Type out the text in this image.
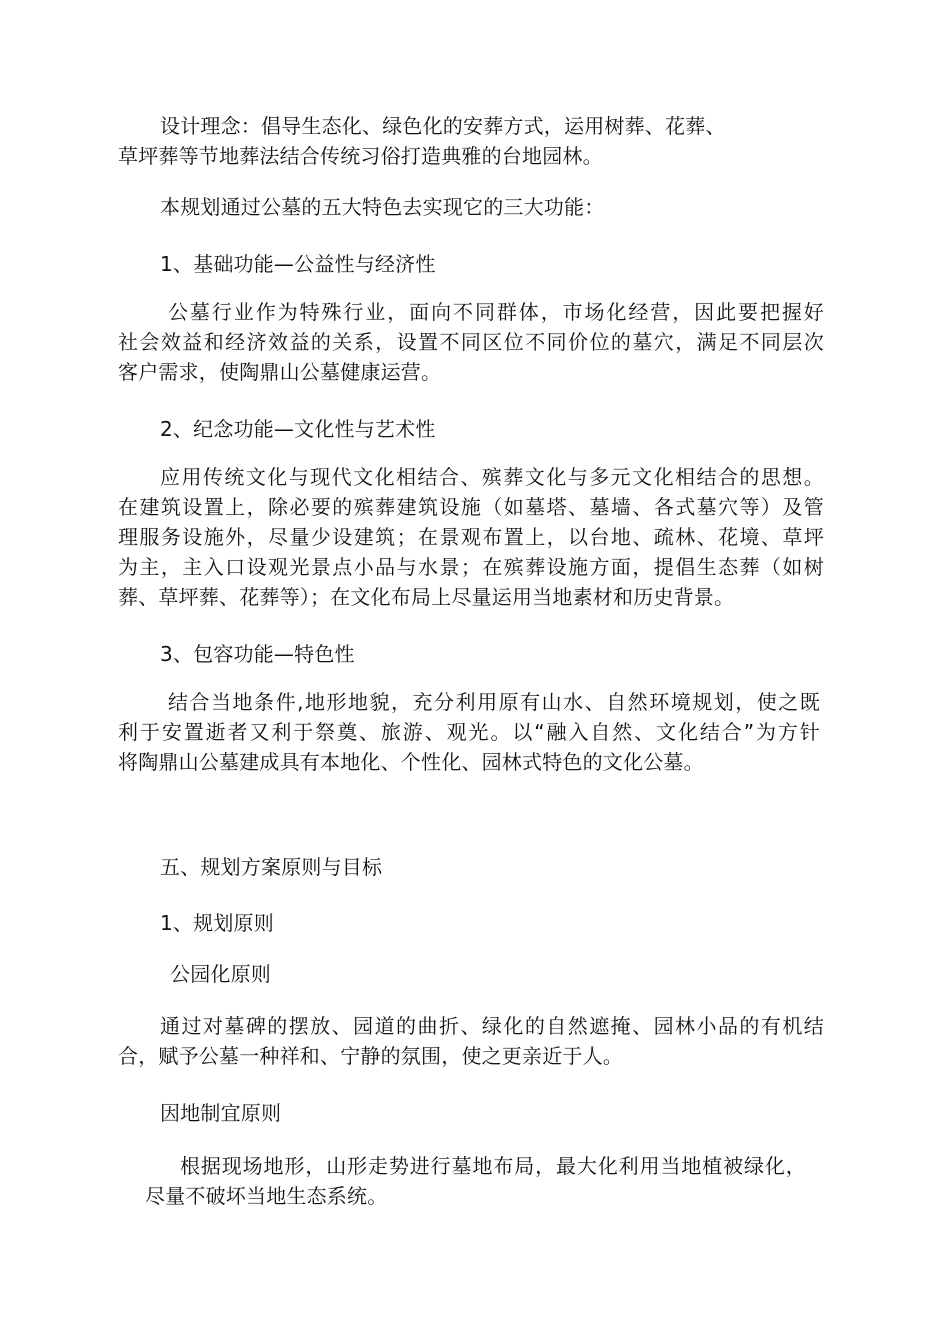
设计理念：倡导生态化、绿色化的安葬方式，运用树葬、花葬、
草坪葬等节地葬法结合传统习俗打造典雅的台地园林。
本规划通过公墓的五大特色去实现它的三大功能：
1、基础功能—公益性与经济性
公墓行业作为特殊行业，面向不同群体，市场化经营，因此要把握好
社会效益和经济效益的关系，设置不同区位不同价位的墓穴，满足不同层次
客户需求，使陶鼎山公墓健康运营。
2、纪念功能—文化性与艺术性
应用传统文化与现代文化相结合、殡葬文化与多元文化相结合的思想。
在建筑设置上，除必要的殡葬建筑设施（如墓塔、墓墙、各式墓穴等）及管
理服务设施外，尽量少设建筑；在景观布置上，以台地、疏林、花境、草坪
为主，主入口设观光景点小品与水景；在殡葬设施方面，提倡生态葬（如树
葬、草坪葬、花葬等）；在文化布局上尽量运用当地素材和历史背景。
3、包容功能—特色性
结合当地条件,地形地貌，充分利用原有山水、自然环境规划，使之既
利于安置逝者又利于祭奠、旅游、观光。以“融入自然、文化结合”为方针
将陶鼎山公墓建成具有本地化、个性化、园林式特色的文化公墓。
五、规划方案原则与目标
1、规划原则
公园化原则
通过对墓碑的摆放、园道的曲折、绿化的自然遮掩、园林小品的有机结
合，赋予公墓一种祥和、宁静的氛围，使之更亲近于人。
因地制宜原则
根据现场地形，山形走势进行墓地布局，最大化利用当地植被绿化，
尽量不破坏当地生态系统。
